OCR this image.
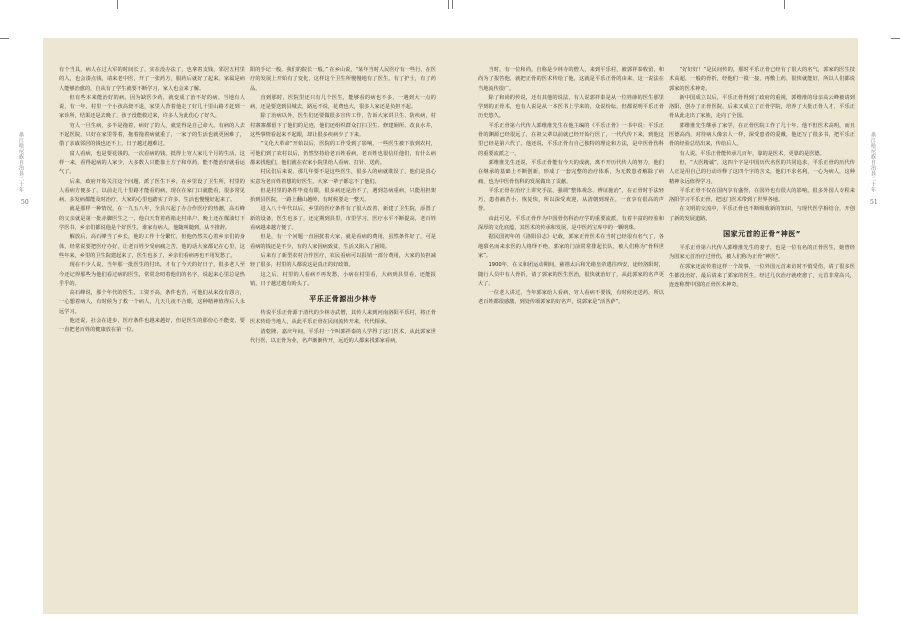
墨江哈尼族自治县二十年	墨江哈尼族自治县二十年
50	51

有个当具，病人在过大军的时间长了，实在没办法了，也拿着支钱，邻居五村里的人，也会凑点钱，请来老中医，开了一张药方，服药后就好了起来。家属是病人能够治愈的，自从有了学生就要不断学习，家人也会来了解。

但有些本来能治好的病，因为缺医少药，就变成了治不好的病。当地有人说，有一年，村里一个小孩高烧不退，家里人背着他走了好几十里山路才赶到一家诊所，结果还是去晚了，孩子没能救过来，许多人为此伤心了好久。

穷人一旦生病，多半是拖着，病好了的人，就觉得是自己命大。有病的人去不起医院，只好在家里等着，拖着拖着病就重了，一家子的生活也就更困难了，借了亲戚邻居的钱也还不上，日子越过越难过。

富人看病，也是要花钱的，一次看病的钱，抵得上穷人家几个月的生活，这样一来，看得起病的人家少，大多数人只能靠土方子和草药，能不能治好就看运气了。

后来，政府开始关注这个问题，派了医生下乡，在乡里设了卫生所，村里的人看病方便多了，以前走几十里路才能看的病，现在在家门口就能看，很多常见病、多发病都能及时治疗，大家的心里也踏实了许多，生活也慢慢好起来了。

就是那样一种情况，在一九五八年，全县兴起了办合作医疗的热潮，高石峰的父亲就是第一批赤脚医生之一，他白天背着药箱走村串户，晚上还在煤油灯下学医书，乡亲们都说他是个好医生，谁家有病人，他随叫随到，从不推辞。

解放后，高石峰当了乡长，他的工作十分繁忙，但他仍然关心着乡亲们的身体，经常说要把医疗办好，让老百姓少受病痛之苦，他的话大家都记在心里，这些年来，乡里的卫生院建起来了，医生也多了，乡亲们看病再也不用发愁了。

现在不少人说，当年那一批医生的付出，才有了今天的好日子，很多老人至今还记得那些为他们看过病的医生，常常念叨着他们的名字，说起来心里总是热乎乎的。

高石峰说，那个年代的医生，工资不高，条件也苦，可他们从来没有怨言，一心想着病人，有时候为了救一个病人，几天几夜不合眼，这种精神值得后人永远学习。

他还说，社会在进步，医疗条件也越来越好，但是医生的那份心不能变，要一直把老百姓的健康放在第一位。

阳的手记一般，我们的院长一般。” 在乡山说，“某年当时人民医疗有一些行，在医疗的发展上开始有了变化，这样这个卫生所慢慢地有了医生，有了护士，有了药品。

直到那时，医院里还只有几个医生，能够看的病也不多，一遇到大一点的病，还是要送到县城去，路远不说，花费也大，很多人家还是负担不起。

除了治病以外，医生们还要做很多宣传工作，告诉大家讲卫生、防疾病，村村寨寨都留下了他们的足迹，他们还组织群众打扫卫生、修建厕所、改良水井，这些事情看起来不起眼，却让很多疾病少了下来。

“文化大革命”开始以后，医院的工作受到了影响，一些医生被下放到农村，可他们到了农村以后，仍然坚持给老百姓看病，老百姓也很信任他们，有什么病都来找他们，他们就在农家小院里给人看病、打针、送药。

村民们后来说，那几年要不是这些医生，很多人的病就耽误了，他们是真心实意为老百姓着想的好医生，大家一辈子都忘不了他们。

但是村里的条件毕竟有限，很多病还是治不了，遇到急病重病，只能用担架抬到县医院，一路上翻山越岭，有时候要走一整天。

进入八十年代以后，乡里的医疗条件有了很大改善，新建了卫生院，添置了新的设备，医生也多了，还定期到县里、市里学习，医疗水平不断提高，老百姓看病越来越方便了。

但是，有一个问题一直困扰着大家，就是看病的费用，虽然条件好了，可是看病的钱还是不少，有的人家因病致贫，生活又陷入了困境。

后来有了新型农村合作医疗，农民看病可以报销一部分费用，大家的负担减轻了很多，村里的人都说这是真正的好政策。

这之后，村里的人看病不再发愁，小病在村里看，大病到县里看，还能报销，日子越过越有盼头了。

平乐正骨源出少林寺

传说平乐正骨源于清代的少林寺武僧，其传人来到河南洛阳平乐村，将正骨医术传给当地人，从此平乐正骨在民间流传开来，代代相承。

清乾隆、嘉庆年间，平乐村一个叫郭祥泰的人学得了这门医术，从此郭家世代行医，以正骨为业，名声渐渐传开，远近的人都来找郭家看病。

当时，有一位和尚，自称是少林寺的僧人，来到平乐村，被郭祥泰收留，和尚为了报答他，就把正骨的医术传给了他，这就是平乐正骨的由来，这一说法在当地流传很广。

除了和尚的传说，还有其他的说法，有人说郭祥泰是从一位姓薛的医生那里学到的正骨术，也有人说是从一本医书上学来的，众说纷纭，但都说明平乐正骨历史悠久。

平乐正骨第六代传人郭维淮先生在他主编的《平乐正骨》一书中说：平乐正骨的渊源已经很远了，在祖父辈以前就已经开始行医了，一代代传下来，到他这里已经是第六代了。他还说，平乐正骨有自己独特的理论和方法，是中医骨伤科的重要流派之一。

郭维淮先生还说，平乐正骨能有今天的成就，离不开历代传人的努力，他们在继承的基础上不断创新，形成了一套完整的治疗体系，为无数患者解除了病痛，也为中医骨伤科的发展做出了贡献。

平乐正骨在治疗上讲究手法，强调“整体观念、辨证施治”，在正骨时手法轻巧，患者痛苦小，恢复快，所以深受欢迎，从清朝到现在，一直享有很高的声誉。

由此可见，平乐正骨作为中国骨伤科治疗学的重要流派，有着丰富的经验和深厚的文化底蕴，其医术的传承和发展，是中医药宝库中的一颗明珠。

据民国初年的《洛阳县志》记载，郭家正骨医术在当时已经很有名气了，各地慕名而来求医的人络绎不绝，郭家的门前常常排起长队，被人们称为“骨科世家”。

1900年，在义和团运动期间，慈禧太后和光绪皇帝逃往西安，途经洛阳时，随行人员中有人骨折，请了郭家的医生医治，很快就治好了，从此郭家的名声更大了。

一位老人讲过，当年郭家给人看病，穷人看病不要钱，有时候还送药，所以老百姓都很感激，到处传颂郭家的好名声，说郭家是“活菩萨”。

“好好好！”是民间传的，那时平乐正骨已经有了很大的名气，郭家的医生技术高超，一般的骨折，经他们一摸一接，再敷上药，很快就能好，所以人们都说郭家的医术神奇。

新中国成立以后，平乐正骨得到了政府的重视，郭维淮的母亲高云峰被请到洛阳，创办了正骨医院，后来又成立了正骨学院，培养了大批正骨人才，平乐正骨从此走出了家族，走向了全国。

郭维淮先生继承了家学，在正骨医院工作了几十年，他不但医术高明，而且医德高尚，对待病人像亲人一样，深受患者的爱戴，他还写了很多书，把平乐正骨的经验总结出来，传给后人。

有人说，平乐正骨能传承几百年，靠的是医术，更靠的是医德。

但，“大医精诚”，这四个字是中国历代名医的共同追求，平乐正骨的历代传人正是用自己的行动诠释了这四个字的含义，他们不求名利，一心为病人，这种精神永远值得学习。

平乐正骨不仅在国内享有盛誉，在国外也有很大的影响，很多外国人专程来洛阳学习平乐正骨，把这门医术带到了世界各地。

在文明的交流中，平乐正骨也不断吸收新的知识，与现代医学相结合，开创了新的发展道路。

国家元首的正骨“神医”

平乐正骨第六代传人郭维淮先生的妻子，也是一位有名的正骨医生，她曾经为国家元首治疗过骨伤，被人们称为正骨“神医”。

在郭家还流传着这样一个故事，一位外国元首来访时不慎受伤，请了很多医生都没治好，最后请来了郭家的医生，经过几次治疗就痊愈了，元首非常高兴，连连称赞中国的正骨医术神奇。
